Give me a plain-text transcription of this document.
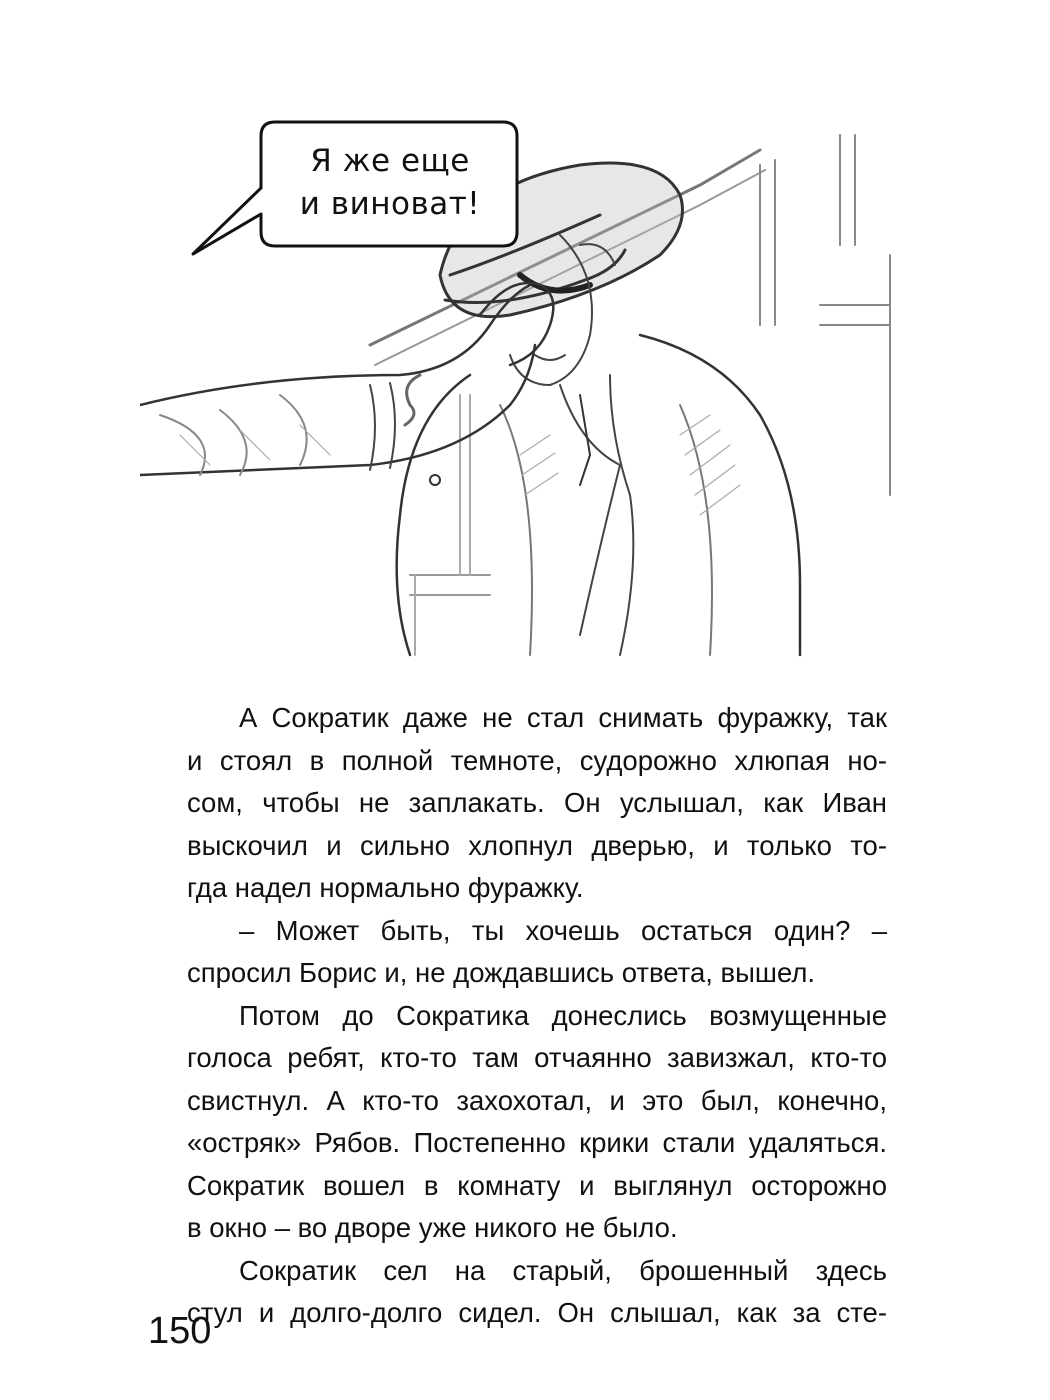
Я же еще
и виноват!

А Сократик даже не стал снимать фуражку, так
и стоял в полной темноте, судорожно хлюпая но-
сом, чтобы не заплакать. Он услышал, как Иван
выскочил и сильно хлопнул дверью, и только то-
гда надел нормально фуражку.

– Может быть, ты хочешь остаться один? –
спросил Борис и, не дождавшись ответа, вышел.

Потом до Сократика донеслись возмущенные
голоса ребят, кто-то там отчаянно завизжал, кто-то
свистнул. А кто-то захохотал, и это был, конечно,
«остряк» Рябов. Постепенно крики стали удаляться.
Сократик вошел в комнату и выглянул осторожно
в окно – во дворе уже никого не было.

Сократик сел на старый, брошенный здесь
стул и долго-долго сидел. Он слышал, как за сте-

150
